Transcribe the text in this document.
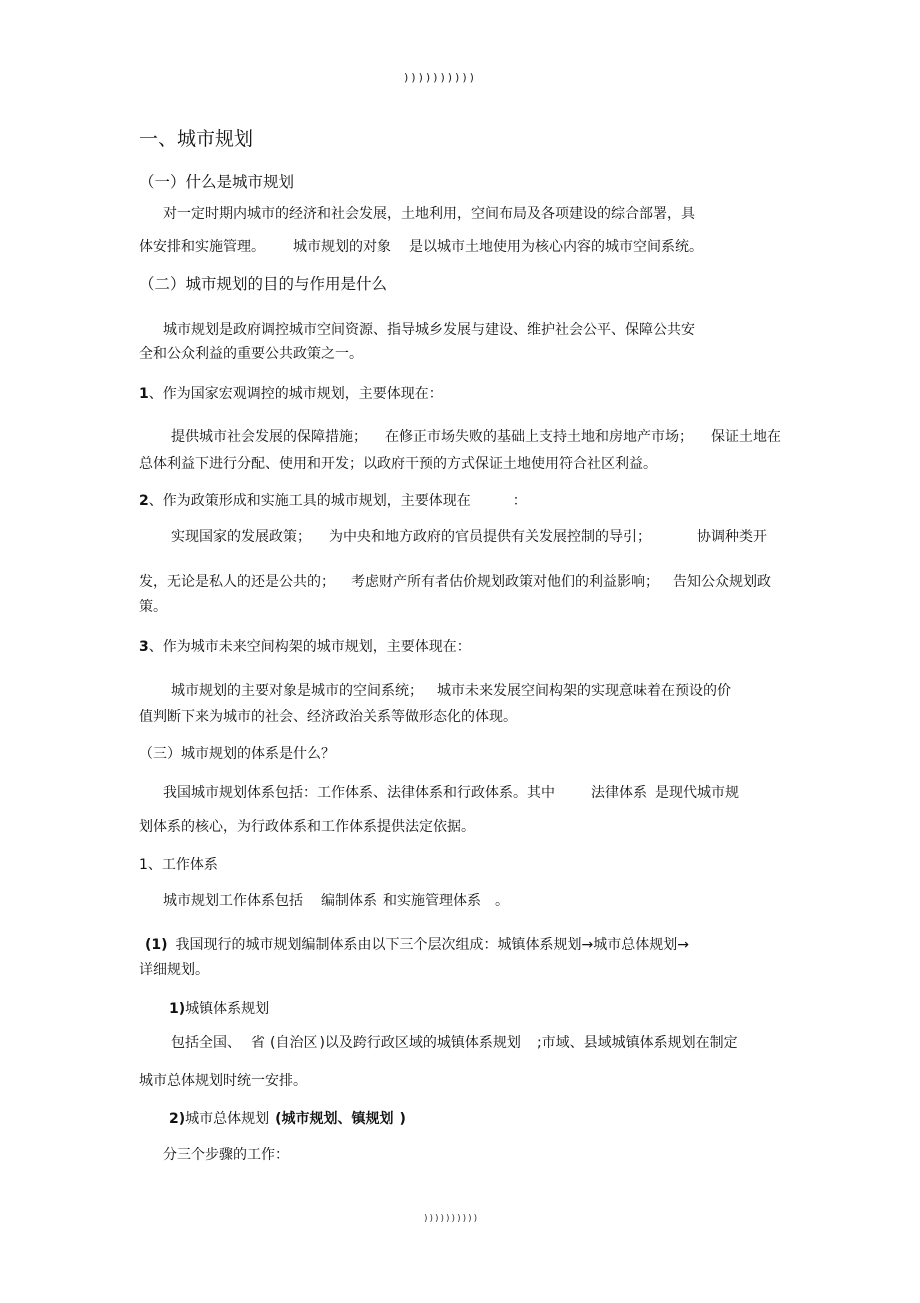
))))))))))
一、城市规划
（一）什么是城市规划
对一定时期内城市的经济和社会发展，土地利用，空间布局及各项建设的综合部署，具
体安排和实施管理。 城市规划的对象 是以城市土地使用为核心内容的城市空间系统。
（二）城市规划的目的与作用是什么
城市规划是政府调控城市空间资源、指导城乡发展与建设、维护社会公平、保障公共安
全和公众利益的重要公共政策之一。
1、作为国家宏观调控的城市规划，主要体现在：
提供城市社会发展的保障措施； 在修正市场失败的基础上支持土地和房地产市场； 保证土地在
总体利益下进行分配、使用和开发；以政府干预的方式保证土地使用符合社区利益。
2、作为政策形成和实施工具的城市规划，主要体现在	：
实现国家的发展政策； 为中央和地方政府的官员提供有关发展控制的导引；	协调种类开
发，无论是私人的还是公共的； 考虑财产所有者估价规划政策对他们的利益影响； 告知公众规划政
策。
3、作为城市未来空间构架的城市规划，主要体现在：
城市规划的主要对象是城市的空间系统； 城市未来发展空间构架的实现意味着在预设的价
值判断下来为城市的社会、经济政治关系等做形态化的体现。
（三）城市规划的体系是什么？
我国城市规划体系包括：工作体系、法律体系和行政体系。其中	法律体系 是现代城市规
划体系的核心，为行政体系和工作体系提供法定依据。
1、工作体系
城市规划工作体系包括 编制体系 和实施管理体系 。
(1) 我国现行的城市规划编制体系由以下三个层次组成：城镇体系规划→城市总体规划→
详细规划。
1)城镇体系规划
包括全国、 省 (自治区 )以及跨行政区域的城镇体系规划 ;市域、县域城镇体系规划在制定
城市总体规划时统一安排。
2)城市总体规划 (城市规划、镇规划 )
分三个步骤的工作：
))))))))))
